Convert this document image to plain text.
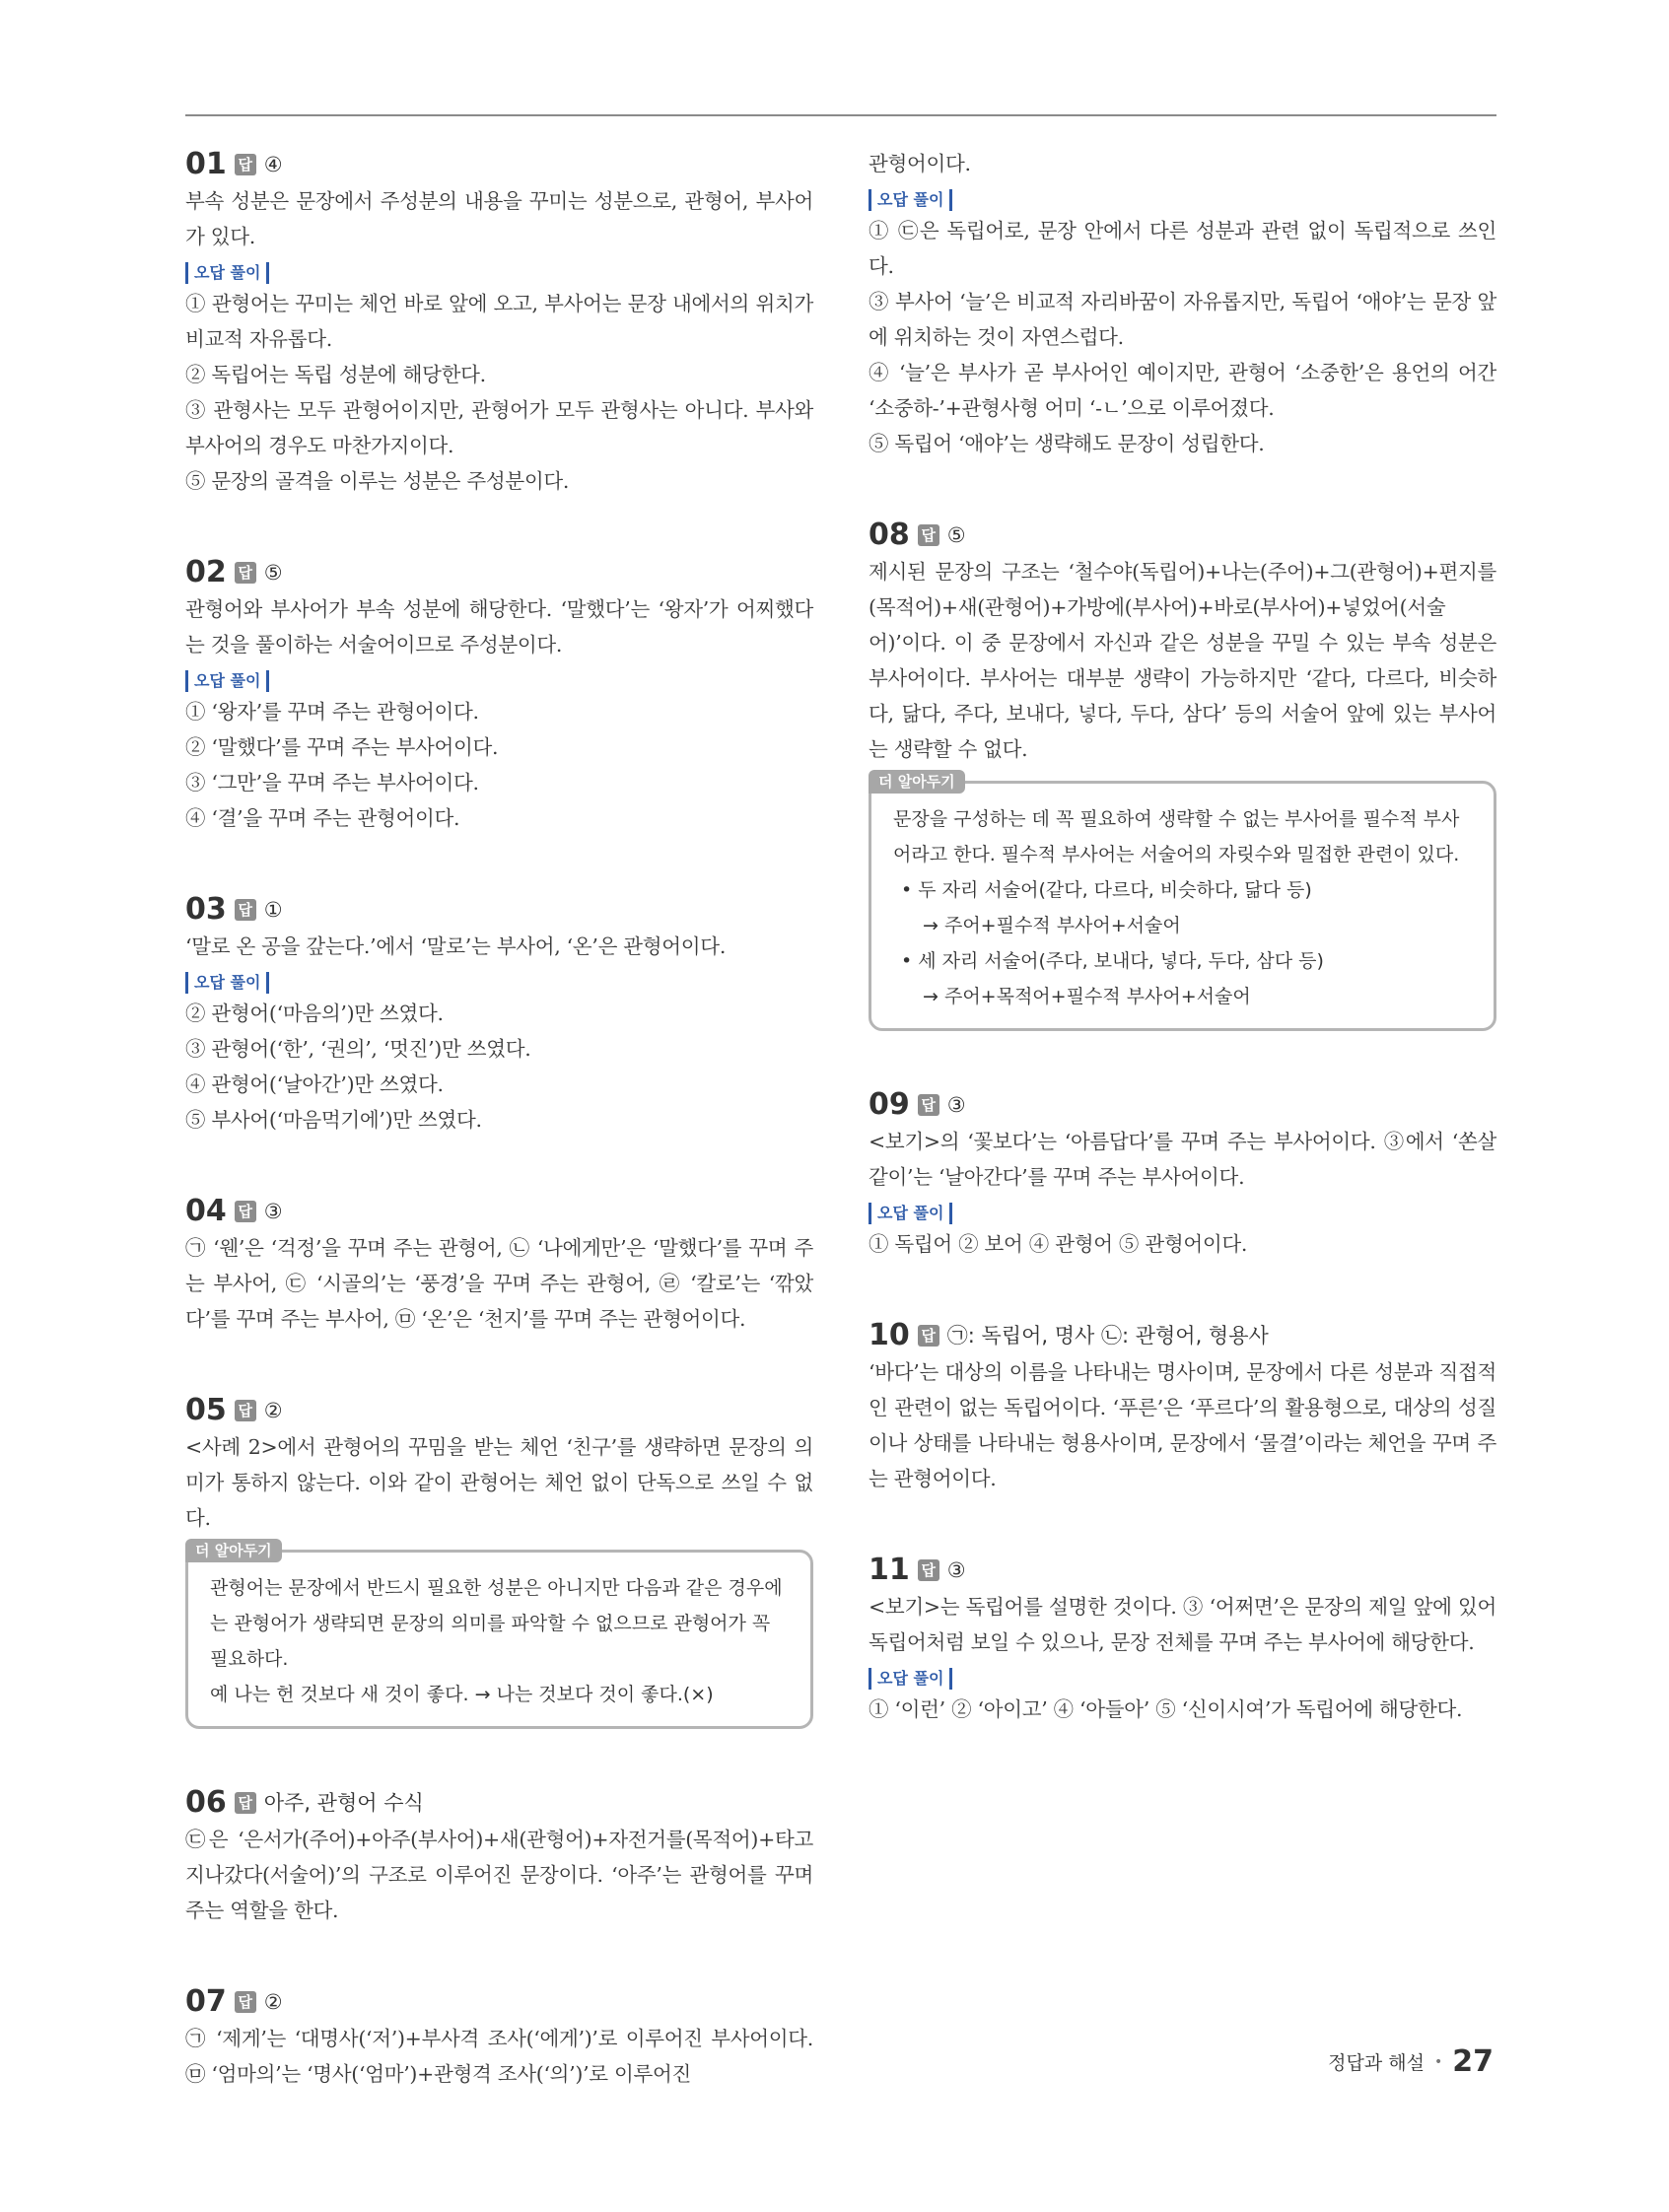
01 답 ④
부속 성분은 문장에서 주성분의 내용을 꾸미는 성분으로, 관형어, 부사어가 있다.
오답 풀이
① 관형어는 꾸미는 체언 바로 앞에 오고, 부사어는 문장 내에서의 위치가 비교적 자유롭다.
② 독립어는 독립 성분에 해당한다.
③ 관형사는 모두 관형어이지만, 관형어가 모두 관형사는 아니다. 부사와 부사어의 경우도 마찬가지이다.
⑤ 문장의 골격을 이루는 성분은 주성분이다.
02 답 ⑤
관형어와 부사어가 부속 성분에 해당한다. ‘말했다’는 ‘왕자’가 어찌했다는 것을 풀이하는 서술어이므로 주성분이다.
오답 풀이
① ‘왕자’를 꾸며 주는 관형어이다.
② ‘말했다’를 꾸며 주는 부사어이다.
③ ‘그만’을 꾸며 주는 부사어이다.
④ ‘결’을 꾸며 주는 관형어이다.
03 답 ①
‘말로 온 공을 갚는다.’에서 ‘말로’는 부사어, ‘온’은 관형어이다.
오답 풀이
② 관형어(‘마음의’)만 쓰였다.
③ 관형어(‘한’, ‘권의’, ‘멋진’)만 쓰였다.
④ 관형어(‘날아간’)만 쓰였다.
⑤ 부사어(‘마음먹기에’)만 쓰였다.
04 답 ③
㉠ ‘웬’은 ‘걱정’을 꾸며 주는 관형어, ㉡ ‘나에게만’은 ‘말했다’를 꾸며 주는 부사어, ㉢ ‘시골의’는 ‘풍경’을 꾸며 주는 관형어, ㉣ ‘칼로’는 ‘깎았다’를 꾸며 주는 부사어, ㉤ ‘온’은 ‘천지’를 꾸며 주는 관형어이다.
05 답 ②
<사례 2>에서 관형어의 꾸밈을 받는 체언 ‘친구’를 생략하면 문장의 의미가 통하지 않는다. 이와 같이 관형어는 체언 없이 단독으로 쓰일 수 없다.
더 알아두기
관형어는 문장에서 반드시 필요한 성분은 아니지만 다음과 같은 경우에는 관형어가 생략되면 문장의 의미를 파악할 수 없으므로 관형어가 꼭 필요하다.
예 나는 헌 것보다 새 것이 좋다. → 나는 것보다 것이 좋다.(×)
06 답 아주, 관형어 수식
㉢은 ‘은서가(주어)+아주(부사어)+새(관형어)+자전거를(목적어)+타고 지나갔다(서술어)’의 구조로 이루어진 문장이다. ‘아주’는 관형어를 꾸며 주는 역할을 한다.
07 답 ②
㉠ ‘제게’는 ‘대명사(‘저’)+부사격 조사(‘에게’)’로 이루어진 부사어이다. ㉤ ‘엄마의’는 ‘명사(‘엄마’)+관형격 조사(‘의’)’로 이루어진
관형어이다.
오답 풀이
① ㉢은 독립어로, 문장 안에서 다른 성분과 관련 없이 독립적으로 쓰인다.
③ 부사어 ‘늘’은 비교적 자리바꿈이 자유롭지만, 독립어 ‘애야’는 문장 앞에 위치하는 것이 자연스럽다.
④ ‘늘’은 부사가 곧 부사어인 예이지만, 관형어 ‘소중한’은 용언의 어간 ‘소중하-’+관형사형 어미 ‘-ㄴ’으로 이루어졌다.
⑤ 독립어 ‘애야’는 생략해도 문장이 성립한다.
08 답 ⑤
제시된 문장의 구조는 ‘철수야(독립어)+나는(주어)+그(관형어)+편지를(목적어)+새(관형어)+가방에(부사어)+바로(부사어)+넣었어(서술어)’이다. 이 중 문장에서 자신과 같은 성분을 꾸밀 수 있는 부속 성분은 부사어이다. 부사어는 대부분 생략이 가능하지만 ‘같다, 다르다, 비슷하다, 닮다, 주다, 보내다, 넣다, 두다, 삼다’ 등의 서술어 앞에 있는 부사어는 생략할 수 없다.
더 알아두기
문장을 구성하는 데 꼭 필요하여 생략할 수 없는 부사어를 필수적 부사어라고 한다. 필수적 부사어는 서술어의 자릿수와 밀접한 관련이 있다.
• 두 자리 서술어(같다, 다르다, 비슷하다, 닮다 등)
→ 주어+필수적 부사어+서술어
• 세 자리 서술어(주다, 보내다, 넣다, 두다, 삼다 등)
→ 주어+목적어+필수적 부사어+서술어
09 답 ③
<보기>의 ‘꽃보다’는 ‘아름답다’를 꾸며 주는 부사어이다. ③에서 ‘쏜살같이’는 ‘날아간다’를 꾸며 주는 부사어이다.
오답 풀이
① 독립어 ② 보어 ④ 관형어 ⑤ 관형어이다.
10 답 ㉠: 독립어, 명사 ㉡: 관형어, 형용사
‘바다’는 대상의 이름을 나타내는 명사이며, 문장에서 다른 성분과 직접적인 관련이 없는 독립어이다. ‘푸른’은 ‘푸르다’의 활용형으로, 대상의 성질이나 상태를 나타내는 형용사이며, 문장에서 ‘물결’이라는 체언을 꾸며 주는 관형어이다.
11 답 ③
<보기>는 독립어를 설명한 것이다. ③ ‘어쩌면’은 문장의 제일 앞에 있어 독립어처럼 보일 수 있으나, 문장 전체를 꾸며 주는 부사어에 해당한다.
오답 풀이
① ‘이런’ ② ‘아이고’ ④ ‘아들아’ ⑤ ‘신이시여’가 독립어에 해당한다.
정답과 해설 • 27
